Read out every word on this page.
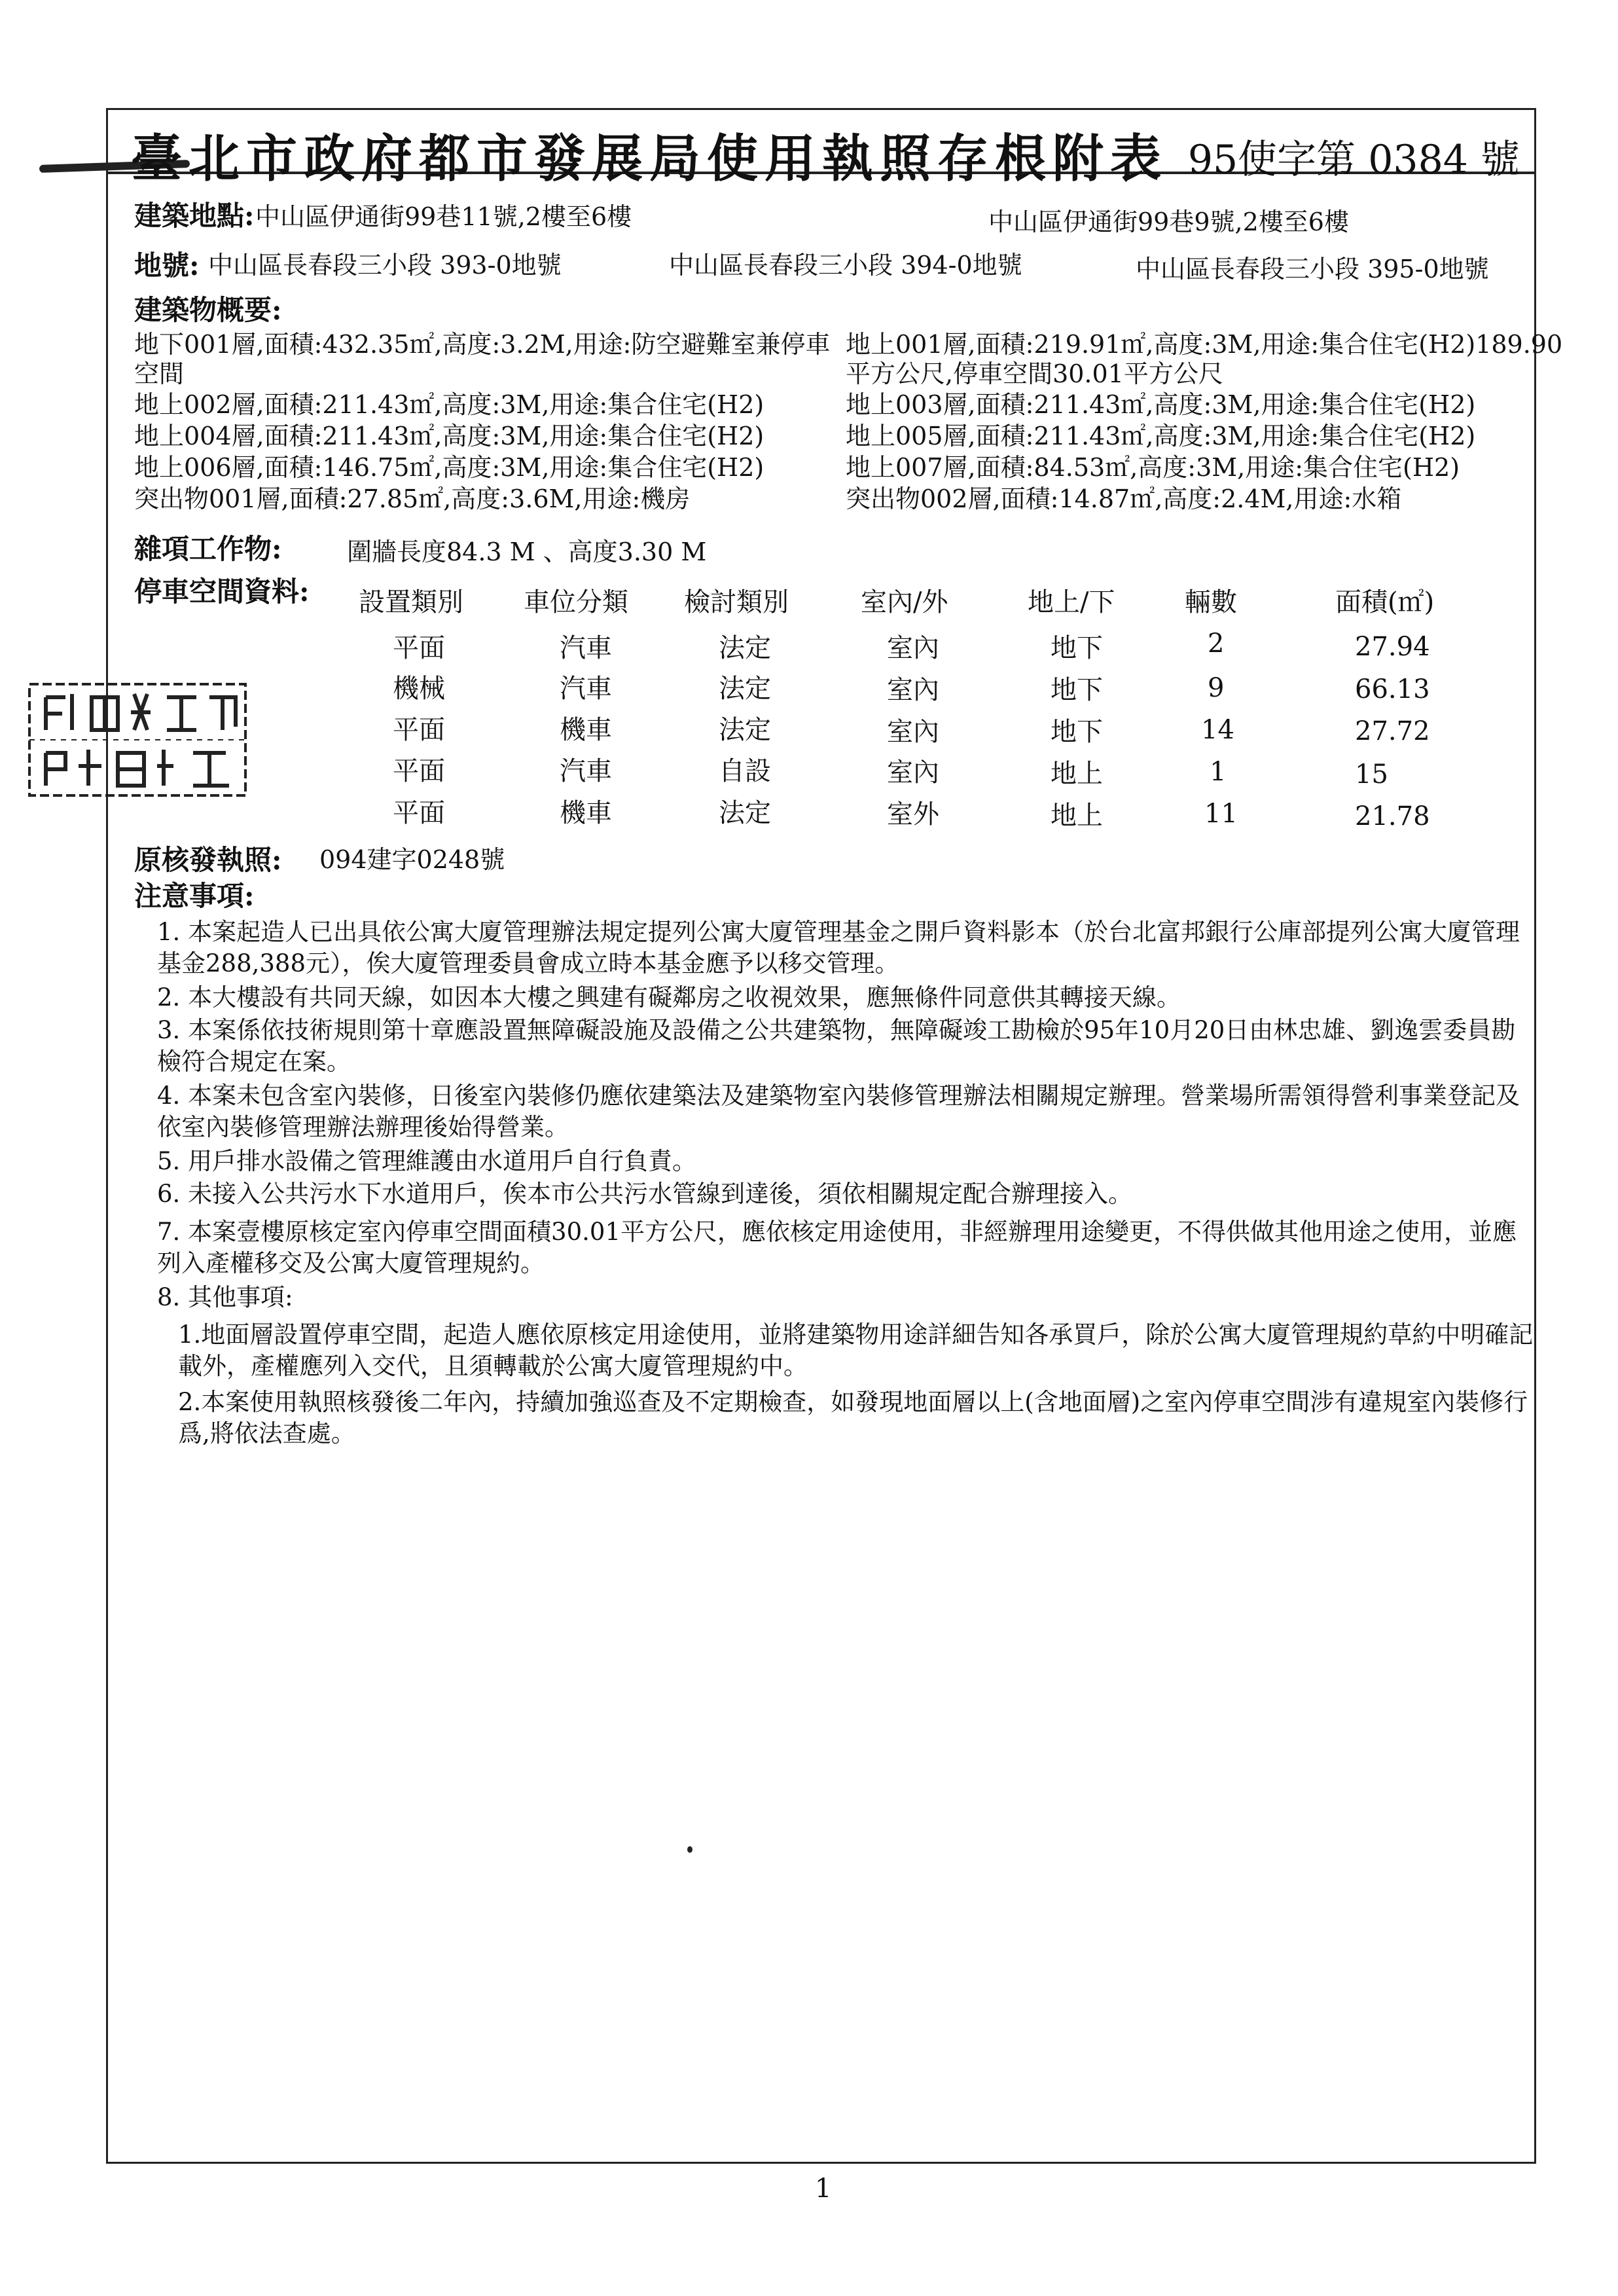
臺北市政府都市發展局使用執照存根附表 95使字第 0384 號
建築地點: 中山區伊通街99巷11號,2樓至6樓	中山區伊通街99巷9號,2樓至6樓
地號: 中山區長春段三小段 393-0地號	中山區長春段三小段 394-0地號	中山區長春段三小段 395-0地號
建築物概要:
地下001層,面積:432.35㎡,高度:3.2M,用途:防空避難室兼停車
空間
地上002層,面積:211.43㎡,高度:3M,用途:集合住宅(H2)
地上004層,面積:211.43㎡,高度:3M,用途:集合住宅(H2)
地上006層,面積:146.75㎡,高度:3M,用途:集合住宅(H2)
突出物001層,面積:27.85㎡,高度:3.6M,用途:機房
地上001層,面積:219.91㎡,高度:3M,用途:集合住宅(H2)189.90
平方公尺,停車空間30.01平方公尺
地上003層,面積:211.43㎡,高度:3M,用途:集合住宅(H2)
地上005層,面積:211.43㎡,高度:3M,用途:集合住宅(H2)
地上007層,面積:84.53㎡,高度:3M,用途:集合住宅(H2)
突出物002層,面積:14.87㎡,高度:2.4M,用途:水箱
雜項工作物:	圍牆長度84.3 M 、高度3.30 M
停車空間資料: 設置類別 車位分類 檢討類別	室內/外	地上/下	輛數	面積(㎡)
平面	汽車	法定	室內	地下	2	27.94
機械	汽車	法定	室內	地下	9	66.13
平面	機車	法定	室內	地下	14	27.72
平面	汽車	自設	室內	地上	1	15
平面	機車	法定	室外	地上	11	21.78
原核發執照: 094建字0248號
注意事項:
1. 本案起造人已出具依公寓大廈管理辦法規定提列公寓大廈管理基金之開戶資料影本（於台北富邦銀行公庫部提列公寓大廈管理基金288,388元），俟大廈管理委員會成立時本基金應予以移交管理。
2. 本大樓設有共同天線，如因本大樓之興建有礙鄰房之收視效果，應無條件同意供其轉接天線。
3. 本案係依技術規則第十章應設置無障礙設施及設備之公共建築物，無障礙竣工勘檢於95年10月20日由林忠雄、劉逸雲委員勘檢符合規定在案。
4. 本案未包含室內裝修，日後室內裝修仍應依建築法及建築物室內裝修管理辦法相關規定辦理。營業場所需領得營利事業登記及依室內裝修管理辦法辦理後始得營業。
5. 用戶排水設備之管理維護由水道用戶自行負責。
6. 未接入公共污水下水道用戶，俟本市公共污水管線到達後，須依相關規定配合辦理接入。
7. 本案壹樓原核定室內停車空間面積30.01平方公尺，應依核定用途使用，非經辦理用途變更，不得供做其他用途之使用，並應列入產權移交及公寓大廈管理規約。
8. 其他事項:
1.地面層設置停車空間，起造人應依原核定用途使用，並將建築物用途詳細告知各承買戶，除於公寓大廈管理規約草約中明確記載外，產權應列入交代，且須轉載於公寓大廈管理規約中。
2.本案使用執照核發後二年內，持續加強巡查及不定期檢查，如發現地面層以上(含地面層)之室內停車空間涉有違規室內裝修行爲,將依法查處。
1
